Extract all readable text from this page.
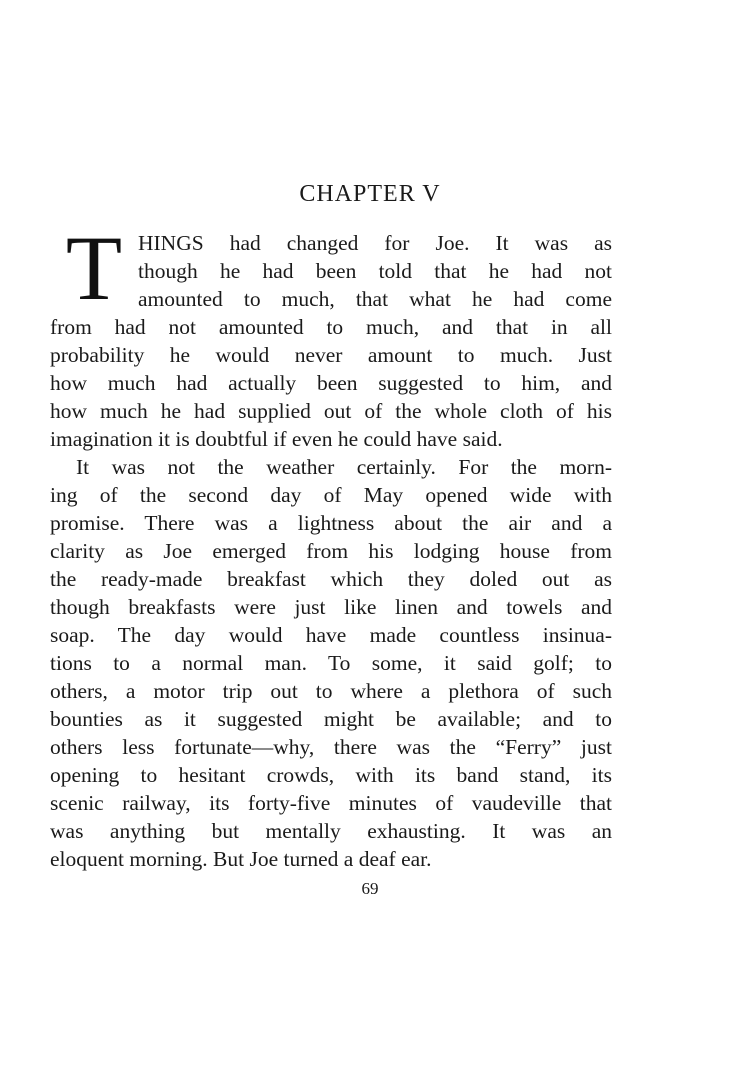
CHAPTER V
T HINGS had changed for Joe. It was as
though he had been told that he had not
amounted to much, that what he had come
from had not amounted to much, and that in all
probability he would never amount to much. Just
how much had actually been suggested to him, and
how much he had supplied out of the whole cloth of his
imagination it is doubtful if even he could have said.
It was not the weather certainly. For the morn-
ing of the second day of May opened wide with
promise. There was a lightness about the air and a
clarity as Joe emerged from his lodging house from
the ready-made breakfast which they doled out as
though breakfasts were just like linen and towels and
soap. The day would have made countless insinua-
tions to a normal man. To some, it said golf; to
others, a motor trip out to where a plethora of such
bounties as it suggested might be available; and to
others less fortunate—why, there was the “Ferry” just
opening to hesitant crowds, with its band stand, its
scenic railway, its forty-five minutes of vaudeville that
was anything but mentally exhausting. It was an
eloquent morning. But Joe turned a deaf ear.
69
